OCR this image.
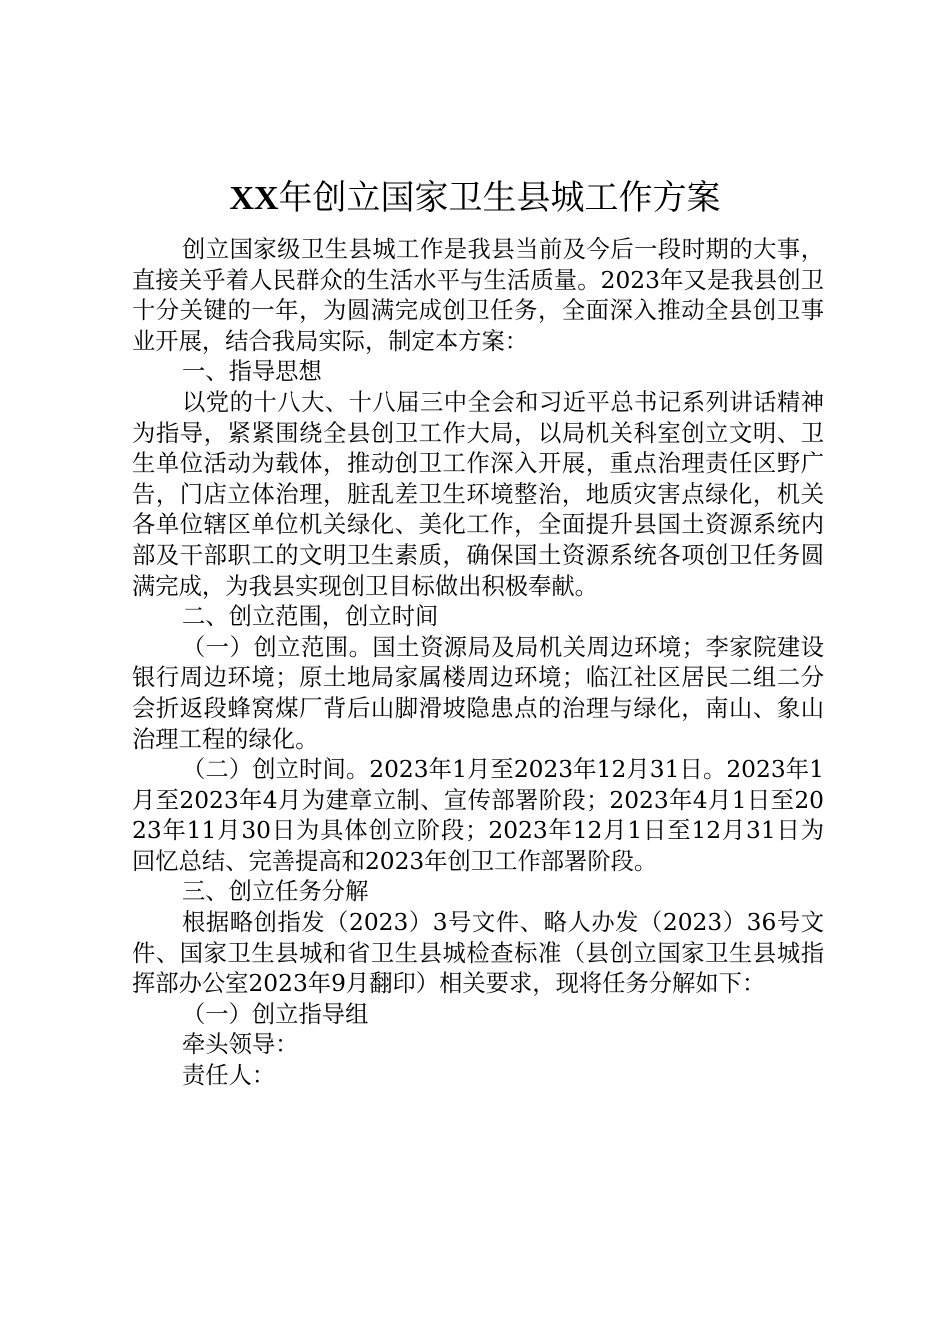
XX年创立国家卫生县城工作方案

创立国家级卫生县城工作是我县当前及今后一段时期的大事，直接关乎着人民群众的生活水平与生活质量。2023年又是我县创卫十分关键的一年，为圆满完成创卫任务，全面深入推动全县创卫事业开展，结合我局实际，制定本方案：

一、指导思想

以党的十八大、十八届三中全会和习近平总书记系列讲话精神为指导，紧紧围绕全县创卫工作大局，以局机关科室创立文明、卫生单位活动为载体，推动创卫工作深入开展，重点治理责任区野广告，门店立体治理，脏乱差卫生环境整治，地质灾害点绿化，机关各单位辖区单位机关绿化、美化工作，全面提升县国土资源系统内部及干部职工的文明卫生素质，确保国土资源系统各项创卫任务圆满完成，为我县实现创卫目标做出积极奉献。

二、创立范围，创立时间

（一）创立范围。国土资源局及局机关周边环境；李家院建设银行周边环境；原土地局家属楼周边环境；临江社区居民二组二分会折返段蜂窝煤厂背后山脚滑坡隐患点的治理与绿化，南山、象山治理工程的绿化。

（二）创立时间。2023年1月至2023年12月31日。2023年1月至2023年4月为建章立制、宣传部署阶段；2023年4月1日至2023年11月30日为具体创立阶段；2023年12月1日至12月31日为回忆总结、完善提高和2023年创卫工作部署阶段。

三、创立任务分解

根据略创指发（2023）3号文件、略人办发（2023）36号文件、国家卫生县城和省卫生县城检查标准（县创立国家卫生县城指挥部办公室2023年9月翻印）相关要求，现将任务分解如下：

（一）创立指导组

牵头领导：

责任人：
